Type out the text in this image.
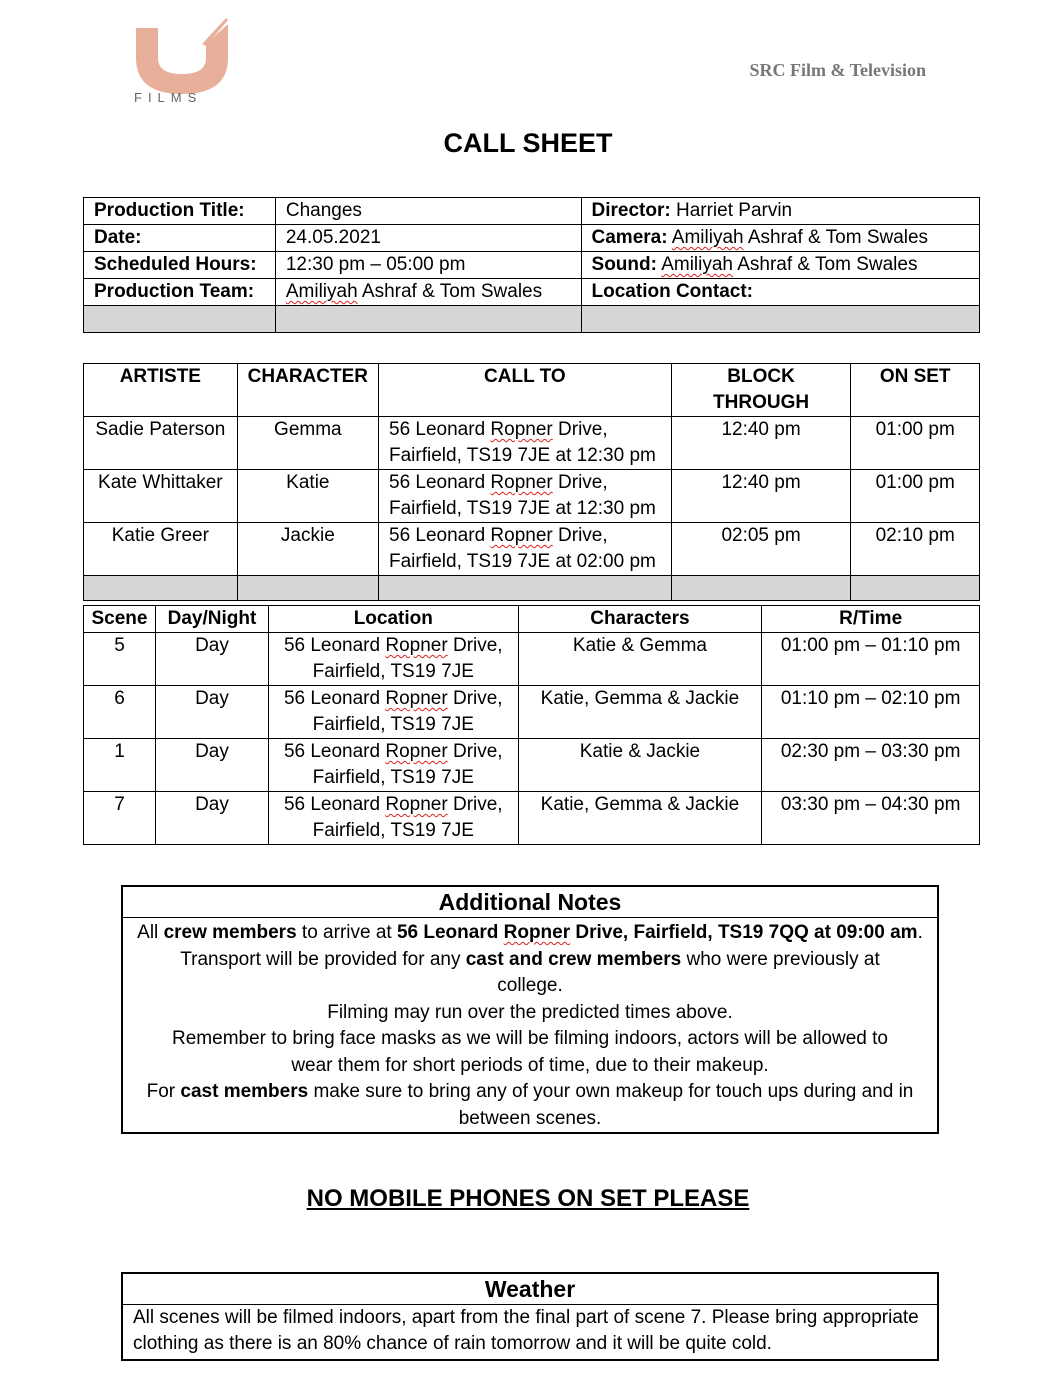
FILMS
SRC Film & Television
CALL SHEET
Production Title:	Changes	Director: Harriet Parvin
Date:	24.05.2021	Camera: Amiliyah Ashraf & Tom Swales
Scheduled Hours:	12:30 pm – 05:00 pm	Sound: Amiliyah Ashraf & Tom Swales
Production Team:	Amiliyah Ashraf & Tom Swales	Location Contact:

ARTISTE	CHARACTER	CALL TO	BLOCK THROUGH	ON SET
Sadie Paterson	Gemma	56 Leonard Ropner Drive,
Fairfield, TS19 7JE at 12:30 pm	12:40 pm	01:00 pm
Kate Whittaker	Katie	56 Leonard Ropner Drive,
Fairfield, TS19 7JE at 12:30 pm	12:40 pm	01:00 pm
Katie Greer	Jackie	56 Leonard Ropner Drive,
Fairfield, TS19 7JE at 02:00 pm	02:05 pm	02:10 pm

Scene	Day/Night	Location	Characters	R/Time
5	Day	56 Leonard Ropner Drive,
Fairfield, TS19 7JE	Katie & Gemma	01:00 pm – 01:10 pm
6	Day	56 Leonard Ropner Drive,
Fairfield, TS19 7JE	Katie, Gemma & Jackie	01:10 pm – 02:10 pm
1	Day	56 Leonard Ropner Drive,
Fairfield, TS19 7JE	Katie & Jackie	02:30 pm – 03:30 pm
7	Day	56 Leonard Ropner Drive,
Fairfield, TS19 7JE	Katie, Gemma & Jackie	03:30 pm – 04:30 pm
Additional Notes
All crew members to arrive at 56 Leonard Ropner Drive, Fairfield, TS19 7QQ at 09:00 am.
Transport will be provided for any cast and crew members who were previously at college.
Filming may run over the predicted times above.
Remember to bring face masks as we will be filming indoors, actors will be allowed to wear them for short periods of time, due to their makeup.
For cast members make sure to bring any of your own makeup for touch ups during and in between scenes.
NO MOBILE PHONES ON SET PLEASE
Weather
All scenes will be filmed indoors, apart from the final part of scene 7. Please bring appropriate clothing as there is an 80% chance of rain tomorrow and it will be quite cold.
